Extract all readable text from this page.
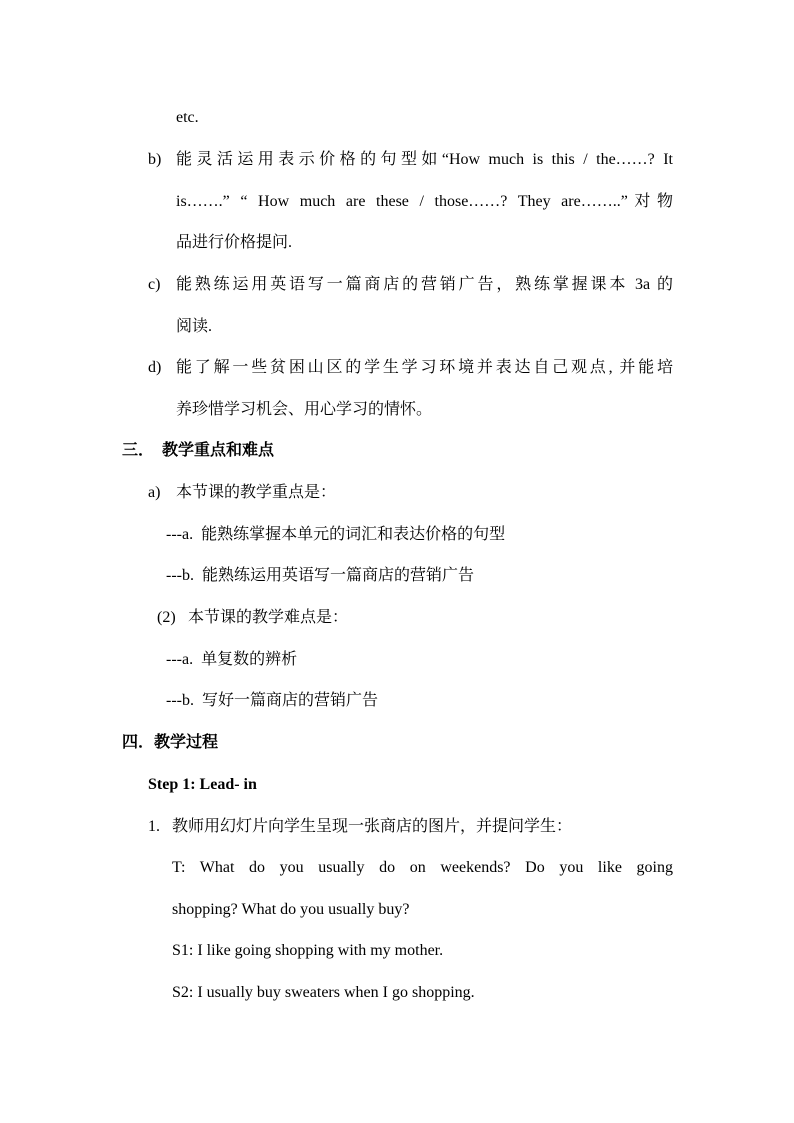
etc.
b) 能灵活运用表示价格的句型如“How much is this / the……? It
is…….” “ How much are these / those……? They are……..”对物
品进行价格提问.
c) 能熟练运用英语写一篇商店的营销广告，熟练掌握课本 3a 的
阅读.
d) 能了解一些贫困山区的学生学习环境并表达自己观点, 并能培
养珍惜学习机会、用心学习的情怀。
三．  教学重点和难点
a) 本节课的教学重点是：
---a.  能熟练掌握本单元的词汇和表达价格的句型
---b.  能熟练运用英语写一篇商店的营销广告
(2) 本节课的教学难点是：
---a.  单复数的辨析
---b.  写好一篇商店的营销广告
四．教学过程
Step 1: Lead- in
1. 教师用幻灯片向学生呈现一张商店的图片，并提问学生：
T: What do you usually do on weekends? Do you like going
shopping? What do you usually buy?
S1: I like going shopping with my mother.
S2: I usually buy sweaters when I go shopping.
